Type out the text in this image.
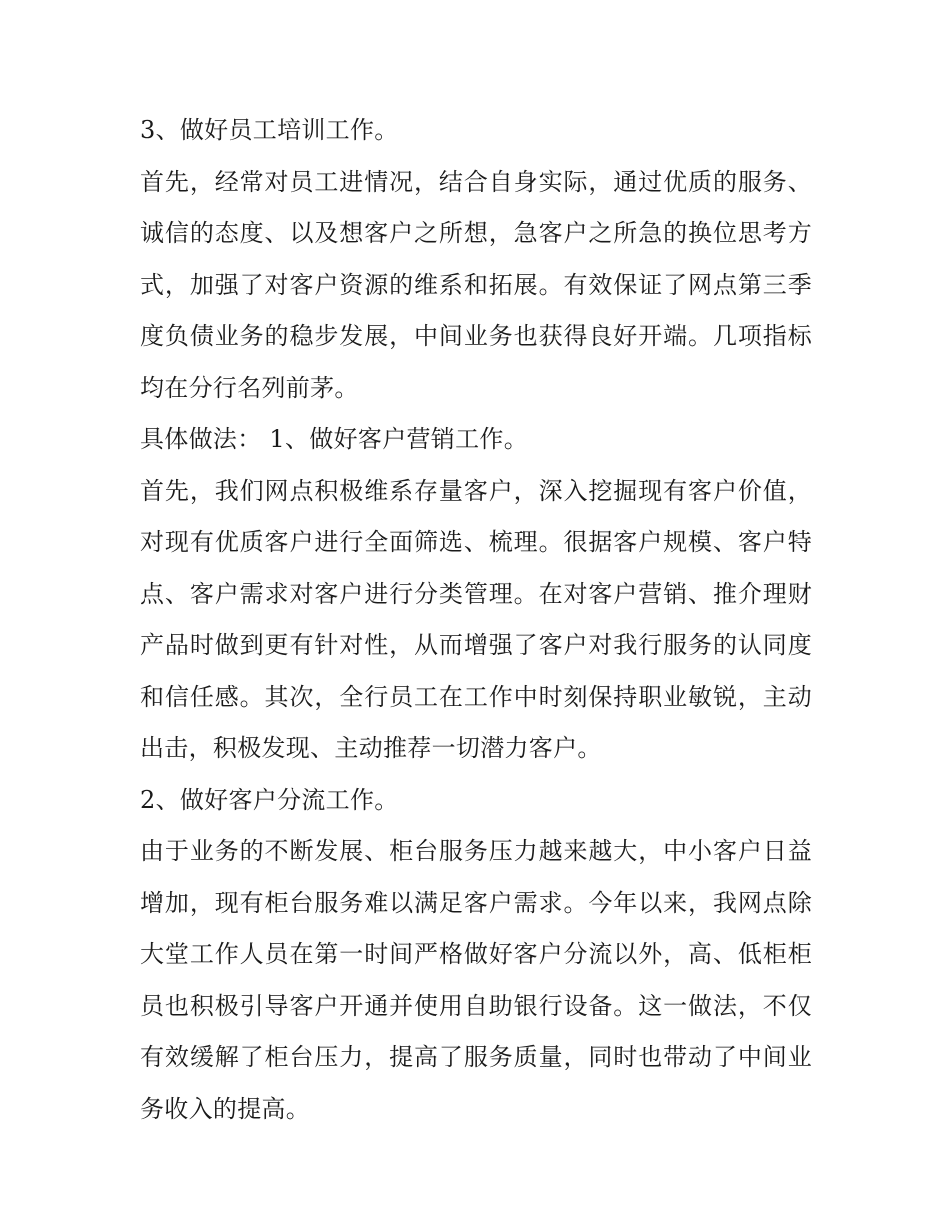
3、做好员工培训工作。

首先，经常对员工进情况，结合自身实际，通过优质的服务、诚信的态度、以及想客户之所想，急客户之所急的换位思考方式，加强了对客户资源的维系和拓展。有效保证了网点第三季度负债业务的稳步发展，中间业务也获得良好开端。几项指标均在分行名列前茅。

具体做法： 1、做好客户营销工作。

首先，我们网点积极维系存量客户，深入挖掘现有客户价值，对现有优质客户进行全面筛选、梳理。很据客户规模、客户特点、客户需求对客户进行分类管理。在对客户营销、推介理财产品时做到更有针对性，从而增强了客户对我行服务的认同度和信任感。其次，全行员工在工作中时刻保持职业敏锐，主动出击，积极发现、主动推荐一切潜力客户。

2、做好客户分流工作。

由于业务的不断发展、柜台服务压力越来越大，中小客户日益增加，现有柜台服务难以满足客户需求。今年以来，我网点除大堂工作人员在第一时间严格做好客户分流以外，高、低柜柜员也积极引导客户开通并使用自助银行设备。这一做法，不仅有效缓解了柜台压力，提高了服务质量，同时也带动了中间业务收入的提高。
